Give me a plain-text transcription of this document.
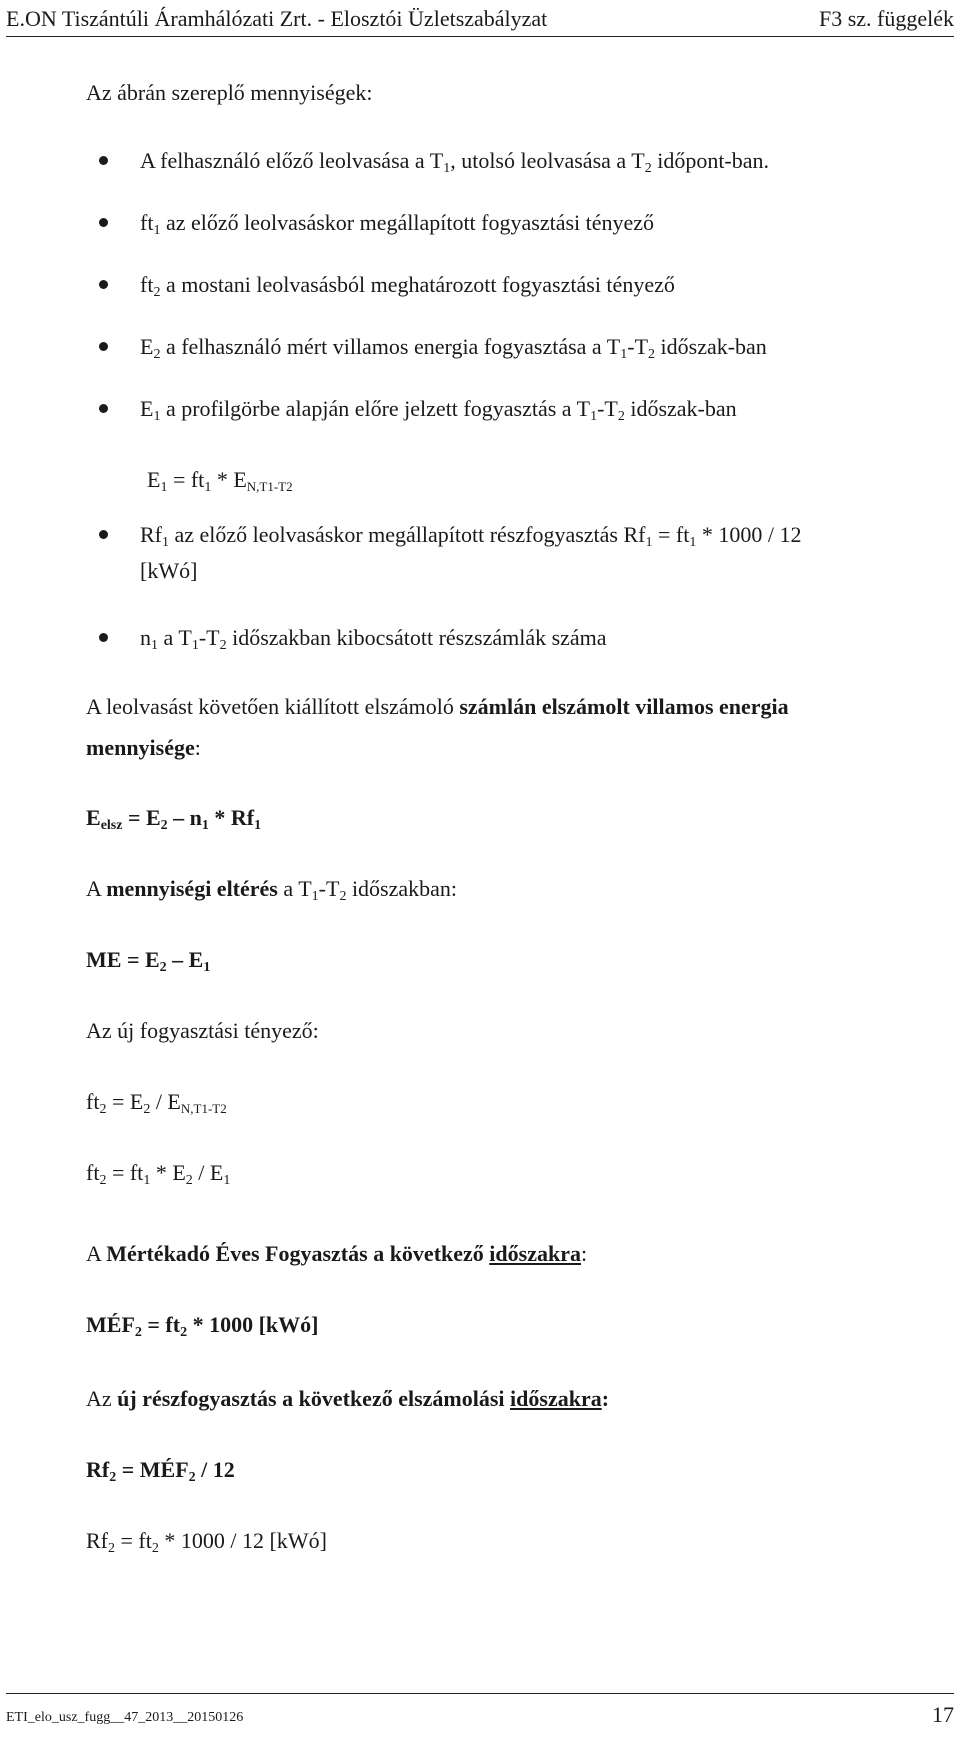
E.ON Tiszántúli Áramhálózati Zrt. - Elosztói Üzletszabályzat	F3 sz. függelék
Az ábrán szereplő mennyiségek:
A felhasználó előző leolvasása a $T_1$, utolsó leolvasása a $T_2$ időpont-ban.
$ft_1$ az előző leolvasáskor megállapított fogyasztási tényező
$ft_2$ a mostani leolvasásból meghatározott fogyasztási tényező
$E_2$ a felhasználó mért villamos energia fogyasztása a $T_1-T_2$ időszak-ban
$E_1$ a profilgörbe alapján előre jelzett fogyasztás a $T_1-T_2$ időszak-ban
$E_1 = ft_1 * E_{N,T1-T2}$
$Rf_1$ az előző leolvasáskor megállapított részfogyasztás $Rf_1 = ft_1 * 1000 / 12$
[kWó]
$n_1$ a $T_1-T_2$ időszakban kibocsátott részszámlák száma
A leolvasást követően kiállított elszámoló számlán elszámolt villamos energia
mennyisége:
$E_{elsz} = E_2 - n_1 * Rf_1$
A mennyiségi eltérés a $T_1-T_2$ időszakban:
ME = $E_2 - E_1$
Az új fogyasztási tényező:
$ft_2 = E_2 / E_{N,T1-T2}$
$ft_2 = ft_1 * E_2 / E_1$
A Mértékadó Éves Fogyasztás a következő időszakra:
$MÉF_2 = ft_2 * 1000$ [kWó]
Az új részfogyasztás a következő elszámolási időszakra:
$Rf_2$ = $MÉF_2 / 12$
$Rf_2 = ft_2 * 1000 / 12$ [kWó]
ETI_elo_usz_fugg__47_2013__20150126	17
